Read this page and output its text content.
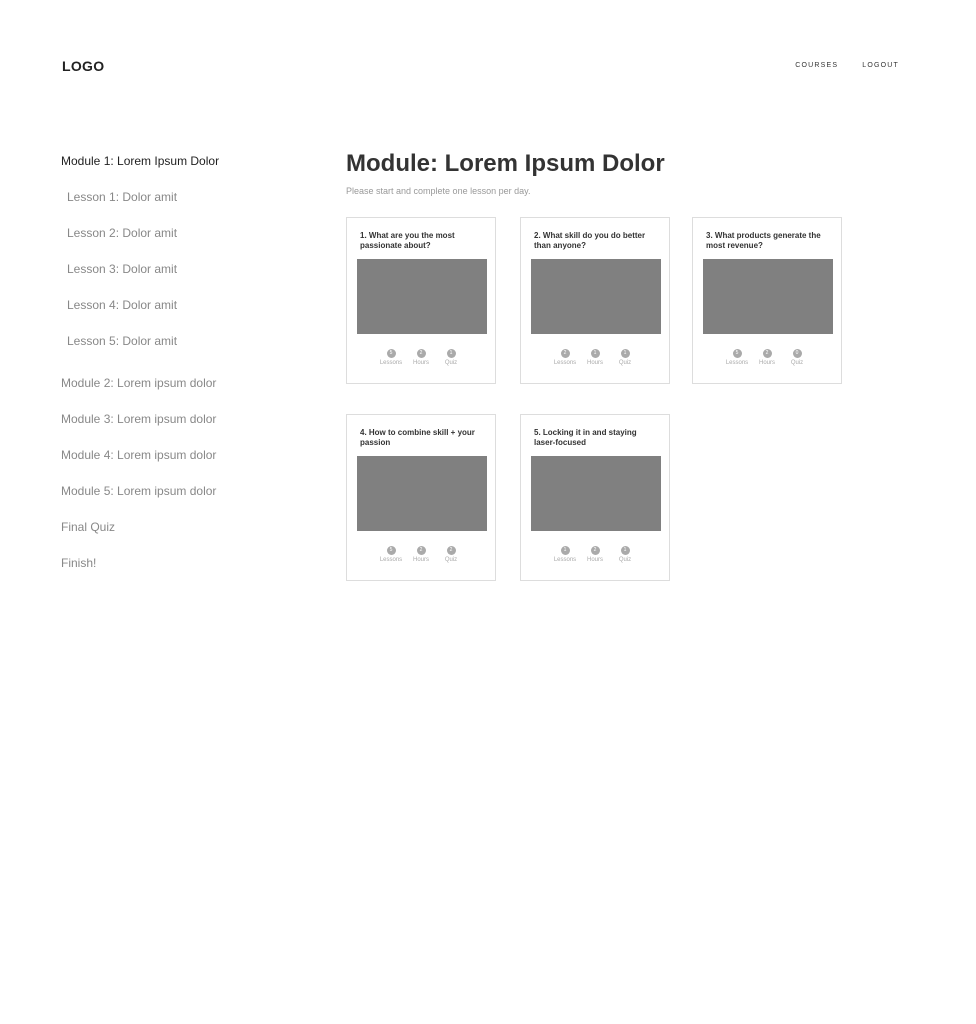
LOGO	COURSES	LOGOUT
Module 1: Lorem Ipsum Dolor
Lesson 1: Dolor amit
Lesson 2: Dolor amit
Lesson 3: Dolor amit
Lesson 4: Dolor amit
Lesson 5: Dolor amit
Module 2: Lorem ipsum dolor
Module 3: Lorem ipsum dolor
Module 4: Lorem ipsum dolor
Module 5: Lorem ipsum dolor
Final Quiz
Finish!
Module: Lorem Ipsum Dolor

Please start and complete one lesson per day.

1. What are you the most passionate about?
5
Lessons
2
Hours
1
Quiz
2. What skill do you do better than anyone?
2
Lessons
1
Hours
1
Quiz
3. What products generate the most revenue?
5
Lessons
2
Hours
0
Quiz
4. How to combine skill + your passion
5
Lessons
2
Hours
2
Quiz
5. Locking it in and staying laser-focused
1
Lessons
2
Hours
1
Quiz
